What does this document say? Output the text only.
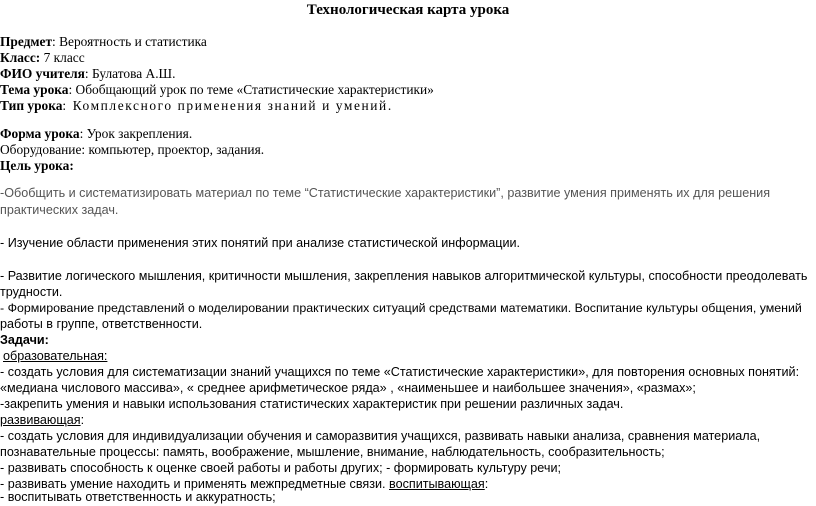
Технологическая карта урока
Предмет: Вероятность и статистика
Класс: 7 класс
ФИО учителя: Булатова А.Ш.
Тема урока: Обобщающий урок по теме «Статистические характеристики»
Тип урока: Комплексного применения знаний и умений.
Форма урока: Урок закрепления.
Оборудование: компьютер, проектор, задания.
Цель урока:
-Обобщить и систематизировать материал по теме “Статистические характеристики”, развитие умения применять их для решения
практических задач.
- Изучение области применения этих понятий при анализе статистической информации.
- Развитие логического мышления, критичности мышления, закрепления навыков алгоритмической культуры, способности преодолевать
трудности.
- Формирование представлений о моделировании практических ситуаций средствами математики. Воспитание культуры общения, умений
работы в группе, ответственности.
Задачи:
образовательная:
- создать условия для систематизации знаний учащихся по теме «Статистические характеристики», для повторения основных понятий:
«медиана числового массива», « среднее арифметическое ряда» , «наименьшее и наибольшее значения», «размах»;
-закрепить умения и навыки использования статистических характеристик при решении различных задач.
развивающая:
- создать условия для индивидуализации обучения и саморазвития учащихся, развивать навыки анализа, сравнения материала,
познавательные процессы: память, воображение, мышление, внимание, наблюдательность, сообразительность;
- развивать способность к оценке своей работы и работы других; - формировать культуру речи;
- развивать умение находить и применять межпредметные связи. воспитывающая:
- воспитывать ответственность и аккуратность;
